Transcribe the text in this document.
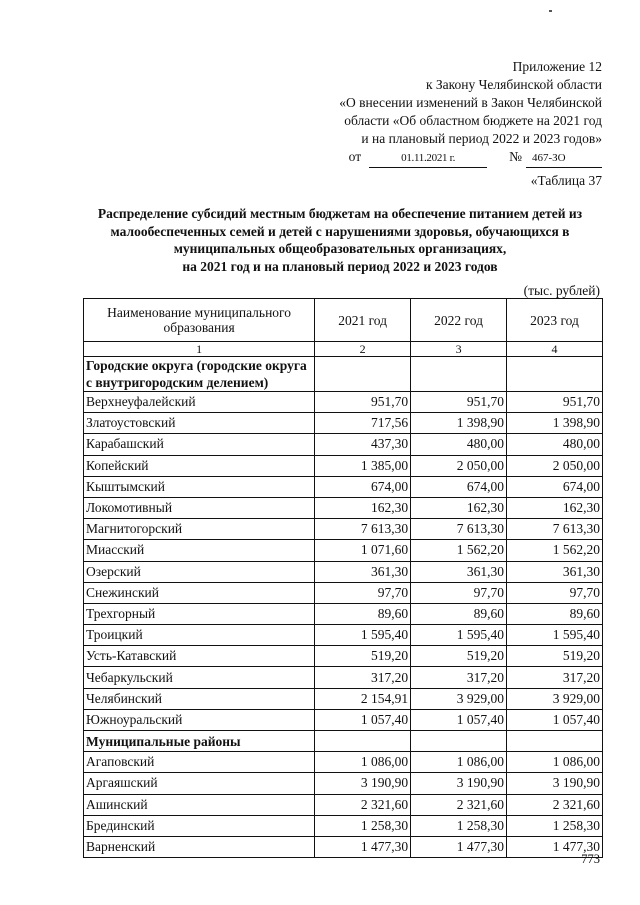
Приложение 12
к Закону Челябинской области
«О внесении изменений в Закон Челябинской
области «Об областном бюджете на 2021 год
и на плановый период 2022 и 2023 годов»
от	01.11.2021 г.	№ 467-ЗО
«Таблица 37
Распределение субсидий местным бюджетам на обеспечение питанием детей из
малообеспеченных семей и детей с нарушениями здоровья, обучающихся в
муниципальных общеобразовательных организациях,
на 2021 год и на плановый период 2022 и 2023 годов
(тыс. рублей)
Наименование муниципального образования	2021 год	2022 год	2023 год
1	2	3	4
Городские округа (городские округа с внутригородским делением)			
Верхнеуфалейский	951,70	951,70	951,70
Златоустовский	717,56	1 398,90	1 398,90
Карабашский	437,30	480,00	480,00
Копейский	1 385,00	2 050,00	2 050,00
Кыштымский	674,00	674,00	674,00
Локомотивный	162,30	162,30	162,30
Магнитогорский	7 613,30	7 613,30	7 613,30
Миасский	1 071,60	1 562,20	1 562,20
Озерский	361,30	361,30	361,30
Снежинский	97,70	97,70	97,70
Трехгорный	89,60	89,60	89,60
Троицкий	1 595,40	1 595,40	1 595,40
Усть-Катавский	519,20	519,20	519,20
Чебаркульский	317,20	317,20	317,20
Челябинский	2 154,91	3 929,00	3 929,00
Южноуральский	1 057,40	1 057,40	1 057,40
Муниципальные районы			
Агаповский	1 086,00	1 086,00	1 086,00
Аргаяшский	3 190,90	3 190,90	3 190,90
Ашинский	2 321,60	2 321,60	2 321,60
Брединский	1 258,30	1 258,30	1 258,30
Варненский	1 477,30	1 477,30	1 477,30
773
